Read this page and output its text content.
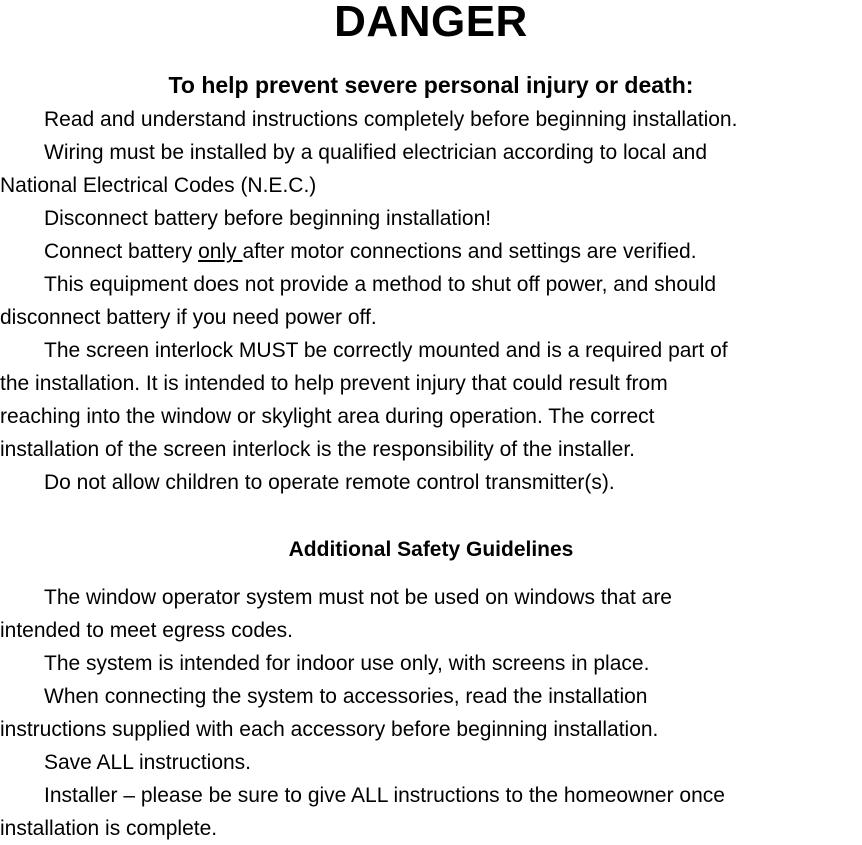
DANGER
To help prevent severe personal injury or death:

Read and understand instructions completely before beginning installation.

Wiring must be installed by a qualified electrician according to local and
National Electrical Codes (N.E.C.)

Disconnect battery before beginning installation!

Connect battery only after motor connections and settings are verified.

This equipment does not provide a method to shut off power, and should
disconnect battery if you need power off.

The screen interlock MUST be correctly mounted and is a required part of
the installation. It is intended to help prevent injury that could result from
reaching into the window or skylight area during operation. The correct
installation of the screen interlock is the responsibility of the installer.

Do not allow children to operate remote control transmitter(s).

Additional Safety Guidelines

The window operator system must not be used on windows that are
intended to meet egress codes.

The system is intended for indoor use only, with screens in place.

When connecting the system to accessories, read the installation
instructions supplied with each accessory before beginning installation.

Save ALL instructions.

Installer – please be sure to give ALL instructions to the homeowner once
installation is complete.
